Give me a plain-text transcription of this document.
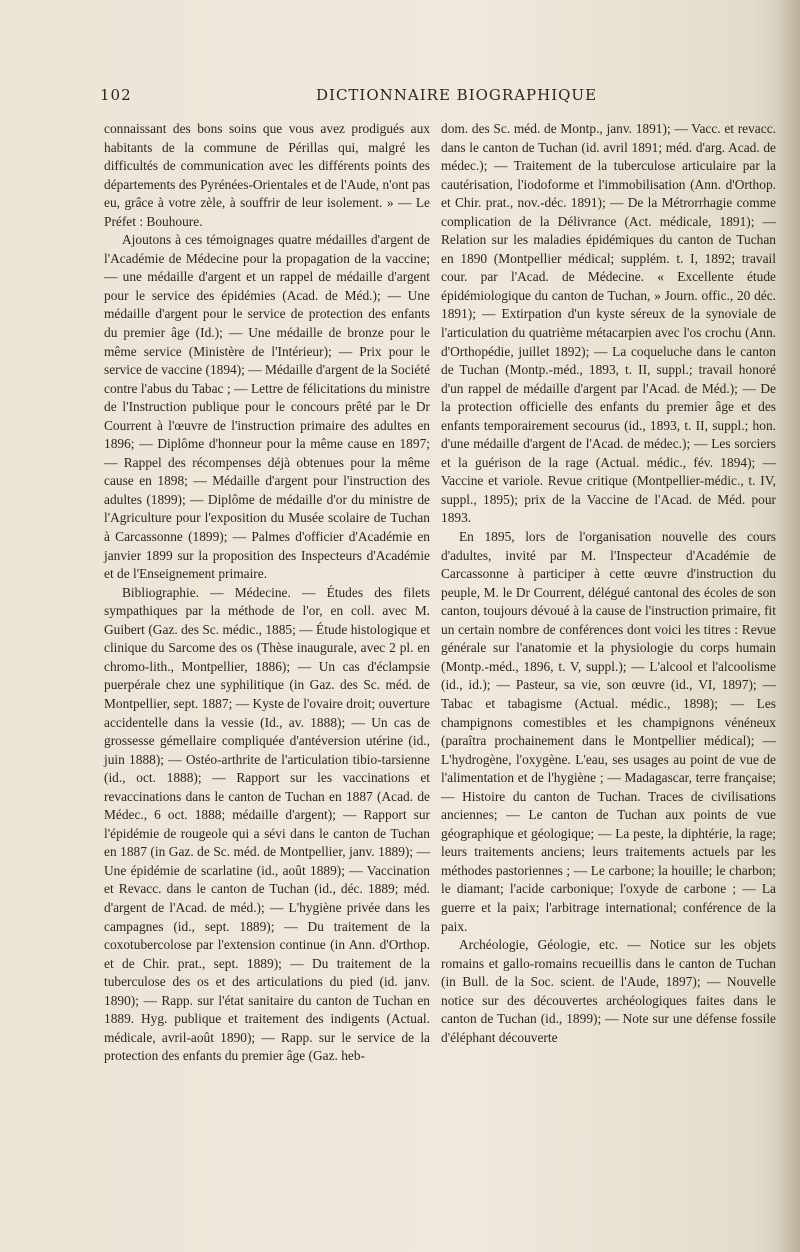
102	DICTIONNAIRE BIOGRAPHIQUE

connaissant des bons soins que vous avez prodigués aux habitants de la commune de Périllas qui, malgré les difficultés de communication avec les différents points des départements des Pyrénées-Orientales et de l'Aude, n'ont pas eu, grâce à votre zèle, à souffrir de leur isolement. » — Le Préfet : Bouhoure.

Ajoutons à ces témoignages quatre médailles d'argent de l'Académie de Médecine pour la propagation de la vaccine; — une médaille d'argent et un rappel de médaille d'argent pour le service des épidémies (Acad. de Méd.); — Une médaille d'argent pour le service de protection des enfants du premier âge (Id.); — Une médaille de bronze pour le même service (Ministère de l'Intérieur); — Prix pour le service de vaccine (1894); — Médaille d'argent de la Société contre l'abus du Tabac ; — Lettre de félicitations du ministre de l'Instruction publique pour le concours prêté par le Dr Courrent à l'œuvre de l'instruction primaire des adultes en 1896; — Diplôme d'honneur pour la même cause en 1897; — Rappel des récompenses déjà obtenues pour la même cause en 1898; — Médaille d'argent pour l'instruction des adultes (1899); — Diplôme de médaille d'or du ministre de l'Agriculture pour l'exposition du Musée scolaire de Tuchan à Carcassonne (1899); — Palmes d'officier d'Académie en janvier 1899 sur la proposition des Inspecteurs d'Académie et de l'Enseignement primaire.

Bibliographie. — Médecine. — Études des filets sympathiques par la méthode de l'or, en coll. avec M. Guibert (Gaz. des Sc. médic., 1885; — Étude histologique et clinique du Sarcome des os (Thèse inaugurale, avec 2 pl. en chromo-lith., Montpellier, 1886); — Un cas d'éclampsie puerpérale chez une syphilitique (in Gaz. des Sc. méd. de Montpellier, sept. 1887; — Kyste de l'ovaire droit; ouverture accidentelle dans la vessie (Id., av. 1888); — Un cas de grossesse gémellaire compliquée d'antéversion utérine (id., juin 1888); — Ostéo-arthrite de l'articulation tibio-tarsienne (id., oct. 1888); — Rapport sur les vaccinations et revaccinations dans le canton de Tuchan en 1887 (Acad. de Médec., 6 oct. 1888; médaille d'argent); — Rapport sur l'épidémie de rougeole qui a sévi dans le canton de Tuchan en 1887 (in Gaz. de Sc. méd. de Montpellier, janv. 1889); — Une épidémie de scarlatine (id., août 1889); — Vaccination et Revacc. dans le canton de Tuchan (id., déc. 1889; méd. d'argent de l'Acad. de méd.); — L'hygiène privée dans les campagnes (id., sept. 1889); — Du traitement de la coxotubercolose par l'extension continue (in Ann. d'Orthop. et de Chir. prat., sept. 1889); — Du traitement de la tuberculose des os et des articulations du pied (id. janv. 1890); — Rapp. sur l'état sanitaire du canton de Tuchan en 1889. Hyg. publique et traitement des indigents (Actual. médicale, avril-août 1890); — Rapp. sur le service de la protection des enfants du premier âge (Gaz. heb-

dom. des Sc. méd. de Montp., janv. 1891); — Vacc. et revacc. dans le canton de Tuchan (id. avril 1891; méd. d'arg. Acad. de médec.); — Traitement de la tuberculose articulaire par la cautérisation, l'iodoforme et l'immobilisation (Ann. d'Orthop. et Chir. prat., nov.-déc. 1891); — De la Métrorrhagie comme complication de la Délivrance (Act. médicale, 1891); — Relation sur les maladies épidémiques du canton de Tuchan en 1890 (Montpellier médical; supplém. t. I, 1892; travail cour. par l'Acad. de Médecine. « Excellente étude épidémiologique du canton de Tuchan, » Journ. offic., 20 déc. 1891); — Extirpation d'un kyste séreux de la synoviale de l'articulation du quatrième métacarpien avec l'os crochu (Ann. d'Orthopédie, juillet 1892); — La coqueluche dans le canton de Tuchan (Montp.-méd., 1893, t. II, suppl.; travail honoré d'un rappel de médaille d'argent par l'Acad. de Méd.); — De la protection officielle des enfants du premier âge et des enfants temporairement secourus (id., 1893, t. II, suppl.; hon. d'une médaille d'argent de l'Acad. de médec.); — Les sorciers et la guérison de la rage (Actual. médic., fév. 1894); — Vaccine et variole. Revue critique (Montpellier-médic., t. IV, suppl., 1895); prix de la Vaccine de l'Acad. de Méd. pour 1893.

En 1895, lors de l'organisation nouvelle des cours d'adultes, invité par M. l'Inspecteur d'Académie de Carcassonne à participer à cette œuvre d'instruction du peuple, M. le Dr Courrent, délégué cantonal des écoles de son canton, toujours dévoué à la cause de l'instruction primaire, fit un certain nombre de conférences dont voici les titres : Revue générale sur l'anatomie et la physiologie du corps humain (Montp.-méd., 1896, t. V, suppl.); — L'alcool et l'alcoolisme (id., id.); — Pasteur, sa vie, son œuvre (id., VI, 1897); — Tabac et tabagisme (Actual. médic., 1898); — Les champignons comestibles et les champignons vénéneux (paraîtra prochainement dans le Montpellier médical); — L'hydrogène, l'oxygène. L'eau, ses usages au point de vue de l'alimentation et de l'hygiène ; — Madagascar, terre française; — Histoire du canton de Tuchan. Traces de civilisations anciennes; — Le canton de Tuchan aux points de vue géographique et géologique; — La peste, la diphtérie, la rage; leurs traitements anciens; leurs traitements actuels par les méthodes pastoriennes ; — Le carbone; la houille; le charbon; le diamant; l'acide carbonique; l'oxyde de carbone ; — La guerre et la paix; l'arbitrage international; conférence de la paix.

Archéologie, Géologie, etc. — Notice sur les objets romains et gallo-romains recueillis dans le canton de Tuchan (in Bull. de la Soc. scient. de l'Aude, 1897); — Nouvelle notice sur des découvertes archéologiques faites dans le canton de Tuchan (id., 1899); — Note sur une défense fossile d'éléphant découverte
